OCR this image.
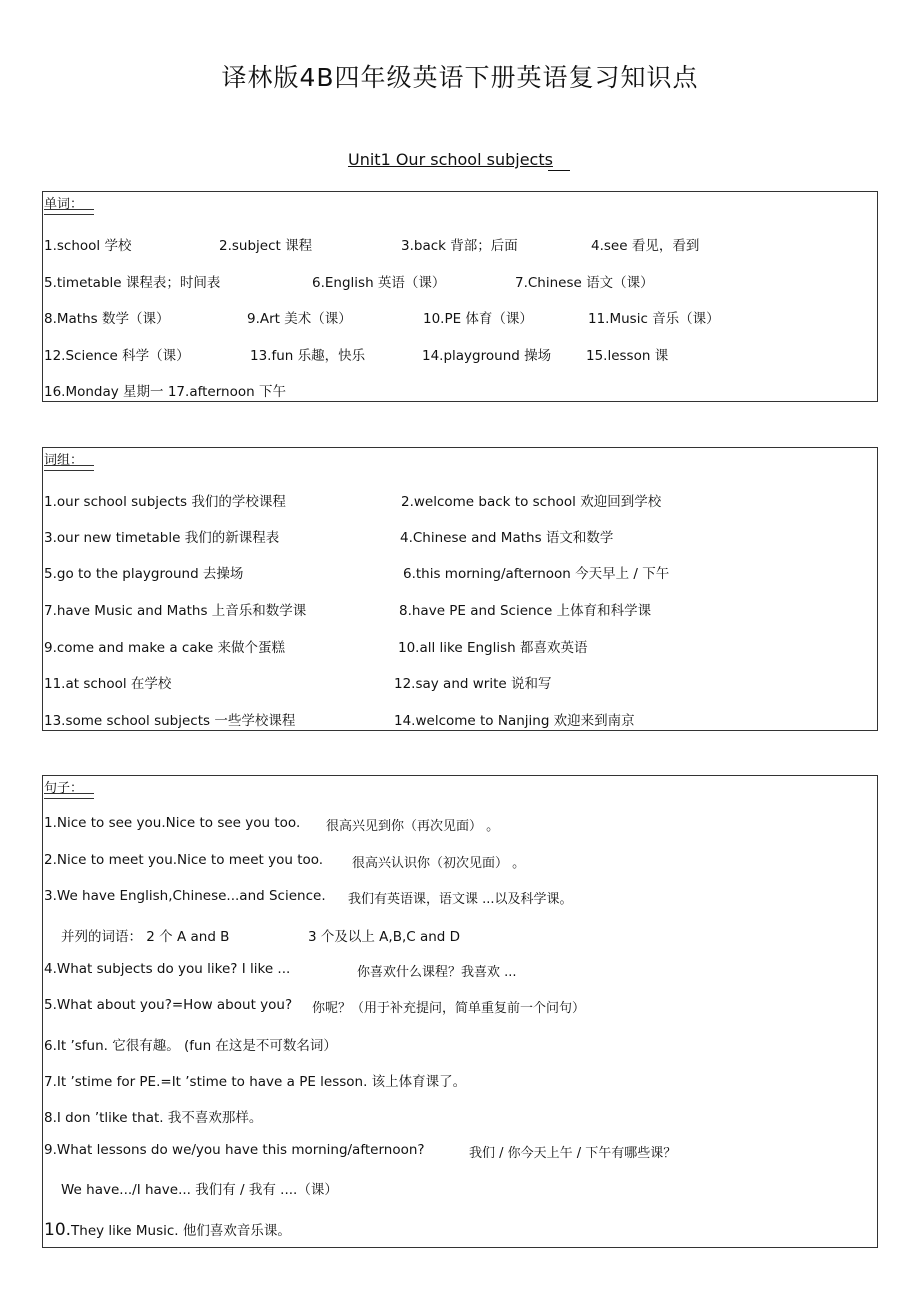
译林版4B四年级英语下册英语复习知识点
Unit1 Our school subjects
单词：
1.school 学校	2.subject 课程	3.back 背部；后面	4.see 看见，看到
5.timetable 课程表；时间表	6.English 英语（课）	7.Chinese 语文（课）
8.Maths 数学（课）	9.Art 美术（课）	10.PE 体育（课）	11.Music 音乐（课）
12.Science 科学（课）	13.fun 乐趣，快乐	14.playground 操场	15.lesson 课
16.Monday 星期一 17.afternoon 下午
词组：
1.our school subjects 我们的学校课程	2.welcome back to school 欢迎回到学校
3.our new timetable 我们的新课程表	4.Chinese and Maths 语文和数学
5.go to the playground 去操场	6.this morning/afternoon 今天早上 / 下午
7.have Music and Maths 上音乐和数学课	8.have PE and Science 上体育和科学课
9.come and make a cake 来做个蛋糕	10.all like English 都喜欢英语
11.at school 在学校	12.say and write 说和写
13.some school subjects 一些学校课程	14.welcome to Nanjing 欢迎来到南京
句子：
1.Nice to see you.Nice to see you too. 很高兴见到你（再次见面） 。
2.Nice to meet you.Nice to meet you too. 很高兴认识你（初次见面） 。
3.We have English,Chinese...and Science. 我们有英语课，语文课 ...以及科学课。
并列的词语： 2 个 A and B	3 个及以上 A,B,C and D
4.What subjects do you like? I like ...	你喜欢什么课程？我喜欢 ...
5.What about you?=How about you? 你呢？（用于补充提问，简单重复前一个问句）
6.It ’sfun. 它很有趣。 (fun 在这是不可数名词）
7.It ’stime for PE.=It ’stime to have a PE lesson. 该上体育课了。
8.I don ’tlike that. 我不喜欢那样。
9.What lessons do we/you have this morning/afternoon?	我们 / 你今天上午 / 下午有哪些课？
We have.../I have... 我们有 / 我有 ....（课）
10.They like Music. 他们喜欢音乐课。
